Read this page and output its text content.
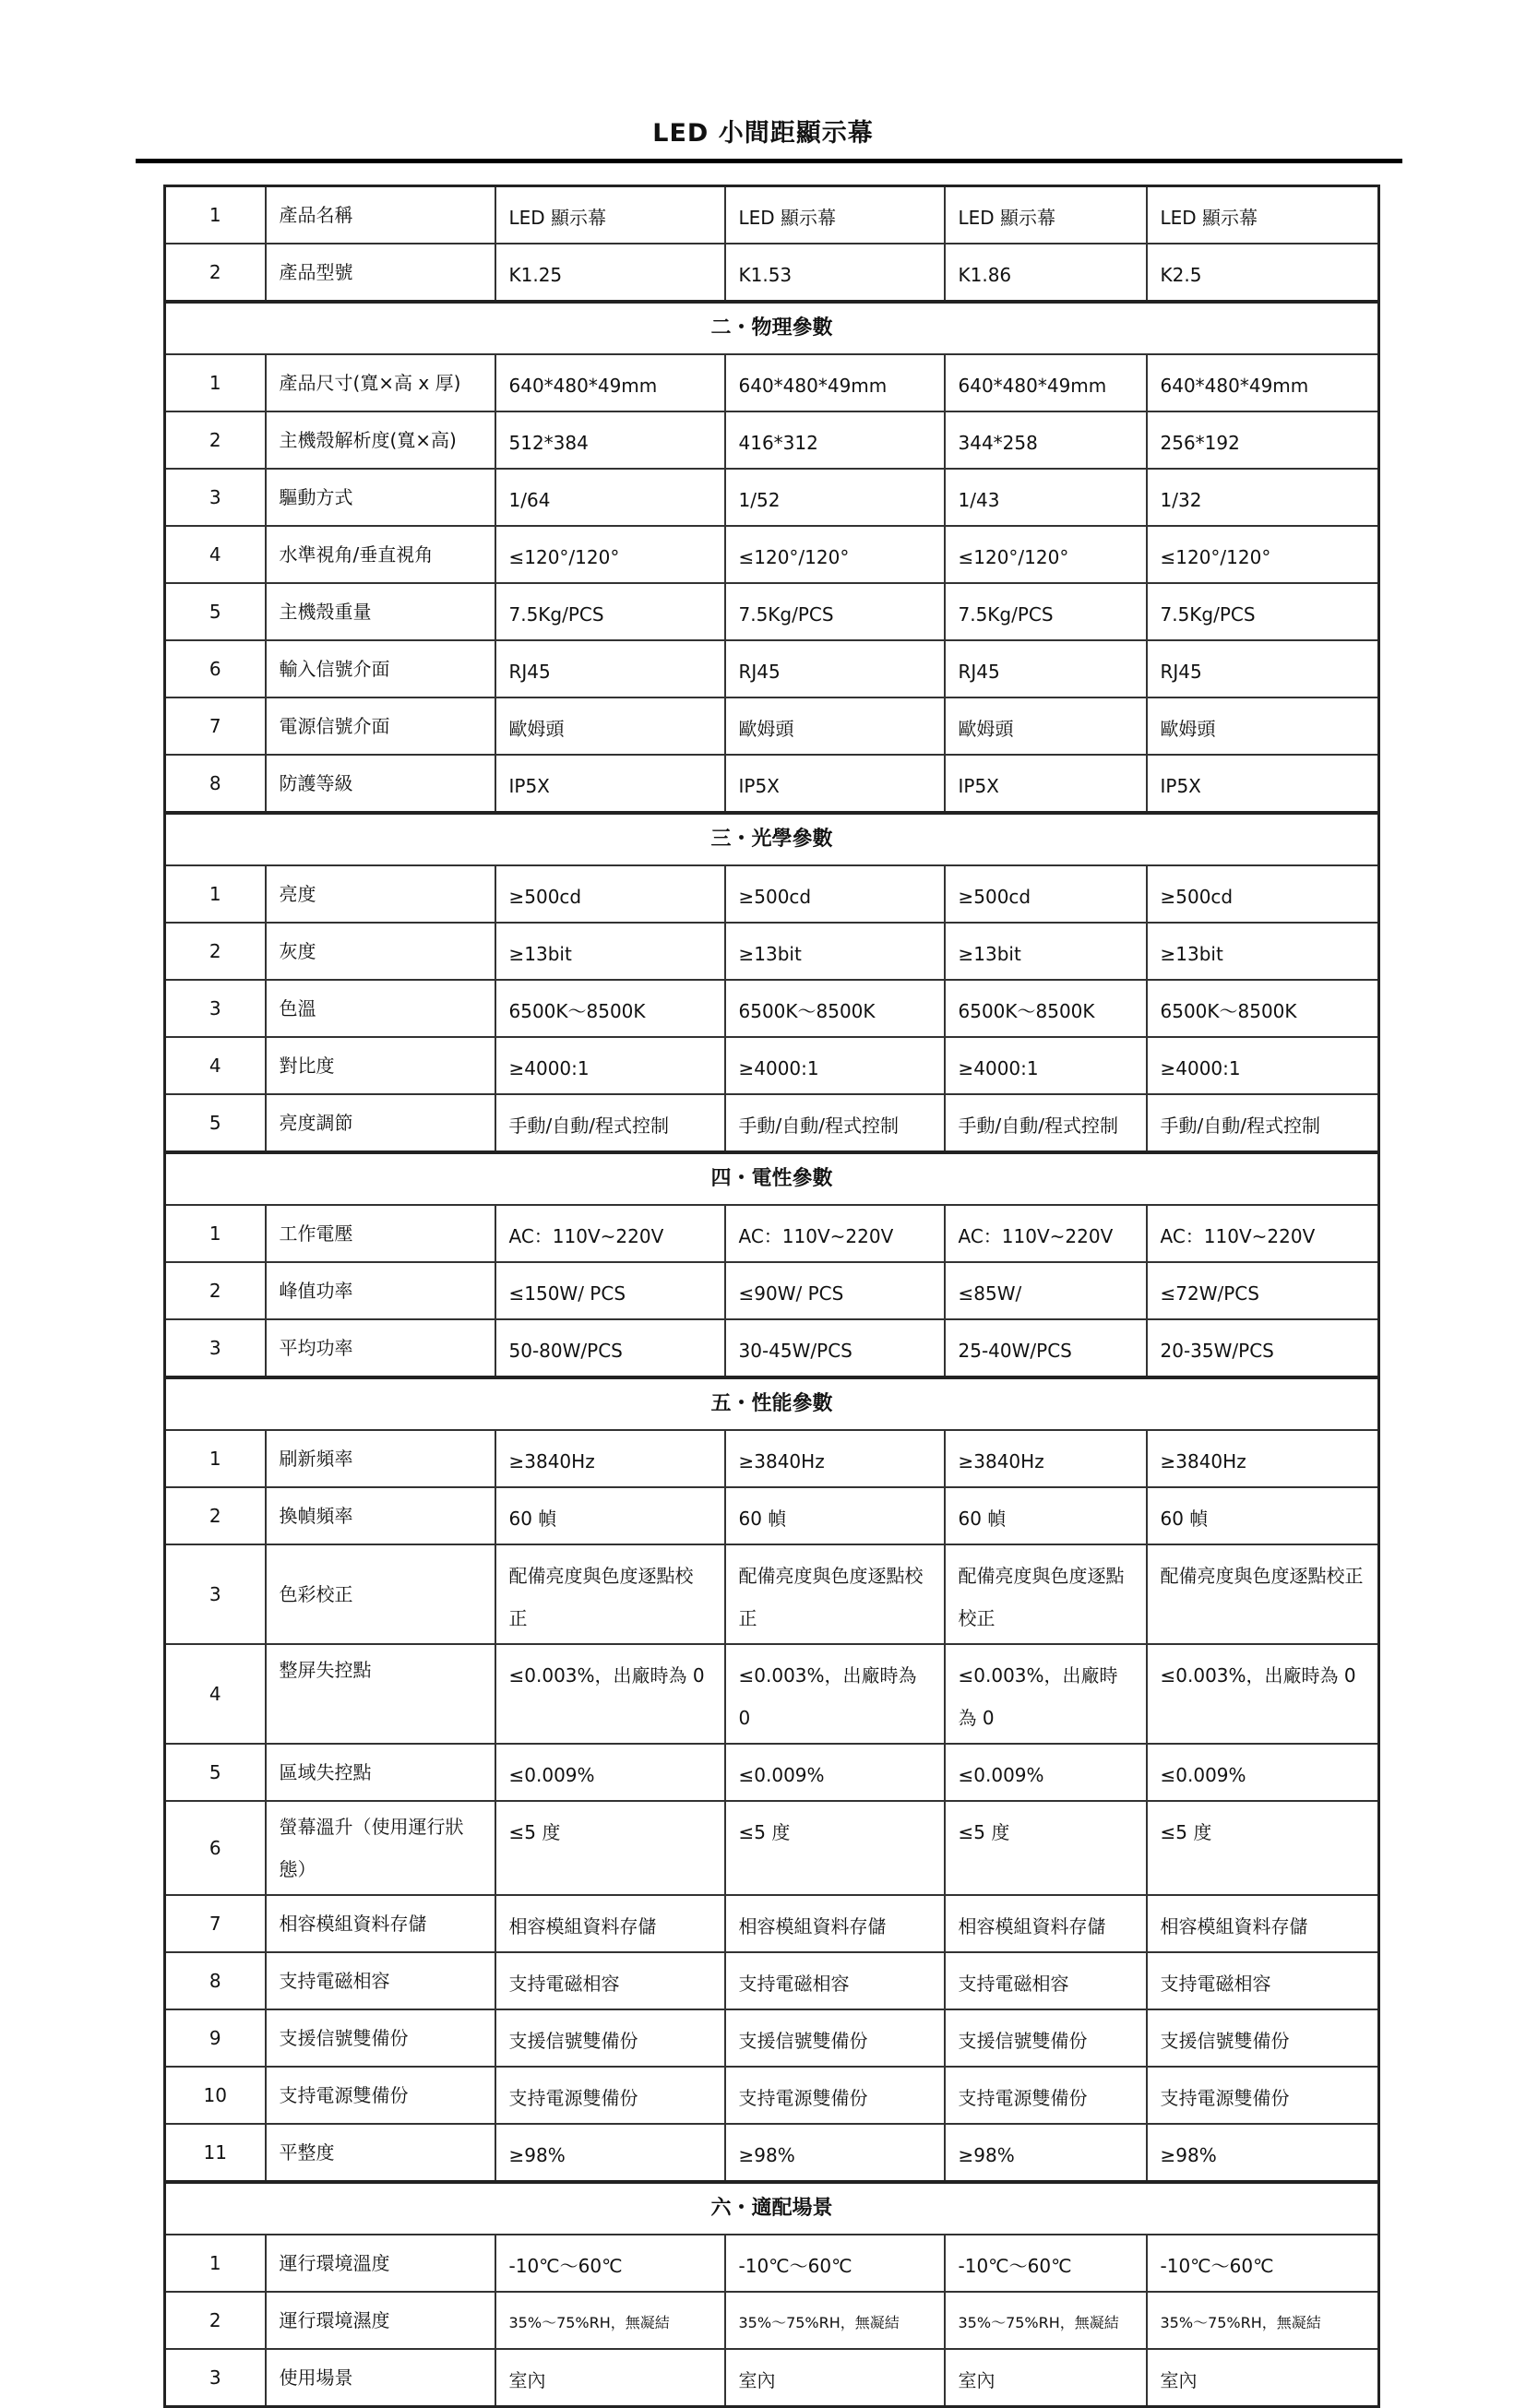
LED 小間距顯示幕
1	產品名稱	LED 顯示幕	LED 顯示幕	LED 顯示幕	LED 顯示幕
2	產品型號	K1.25	K1.53	K1.86	K2.5
二・物理參數					
1	產品尺寸(寬×高 x 厚)	640*480*49mm	640*480*49mm	640*480*49mm	640*480*49mm
2	主機殼解析度(寬×高)	512*384	416*312	344*258	256*192
3	驅動方式	1/64	1/52	1/43	1/32
4	水準視角/垂直視角	≤120°/120°	≤120°/120°	≤120°/120°	≤120°/120°
5	主機殼重量	7.5Kg/PCS	7.5Kg/PCS	7.5Kg/PCS	7.5Kg/PCS
6	輸入信號介面	RJ45	RJ45	RJ45	RJ45
7	電源信號介面	歐姆頭	歐姆頭	歐姆頭	歐姆頭
8	防護等級	IP5X	IP5X	IP5X	IP5X
三・光學參數					
1	亮度	≥500cd	≥500cd	≥500cd	≥500cd
2	灰度	≥13bit	≥13bit	≥13bit	≥13bit
3	色溫	6500K～8500K	6500K～8500K	6500K～8500K	6500K～8500K
4	對比度	≥4000:1	≥4000:1	≥4000:1	≥4000:1
5	亮度調節	手動/自動/程式控制	手動/自動/程式控制	手動/自動/程式控制	手動/自動/程式控制
四・電性參數					
1	工作電壓	AC：110V~220V	AC：110V~220V	AC：110V~220V	AC：110V~220V
2	峰值功率	≤150W/ PCS	≤90W/ PCS	≤85W/	≤72W/PCS
3	平均功率	50-80W/PCS	30-45W/PCS	25-40W/PCS	20-35W/PCS
五・性能參數					
1	刷新頻率	≥3840Hz	≥3840Hz	≥3840Hz	≥3840Hz
2	換幀頻率	60 幀	60 幀	60 幀	60 幀
3	色彩校正	配備亮度與色度逐點校正	配備亮度與色度逐點校正	配備亮度與色度逐點校正	配備亮度與色度逐點校正
4	整屏失控點	≤0.003%，出廠時為 0	≤0.003%，出廠時為 0	≤0.003%，出廠時為 0	≤0.003%，出廠時為 0
5	區域失控點	≤0.009%	≤0.009%	≤0.009%	≤0.009%
6	螢幕溫升（使用運行狀態）	≤5 度	≤5 度	≤5 度	≤5 度
7	相容模組資料存儲	相容模組資料存儲	相容模組資料存儲	相容模組資料存儲	相容模組資料存儲
8	支持電磁相容	支持電磁相容	支持電磁相容	支持電磁相容	支持電磁相容
9	支援信號雙備份	支援信號雙備份	支援信號雙備份	支援信號雙備份	支援信號雙備份
10	支持電源雙備份	支持電源雙備份	支持電源雙備份	支持電源雙備份	支持電源雙備份
11	平整度	≥98%	≥98%	≥98%	≥98%
六・適配場景					
1	運行環境溫度	-10℃～60℃	-10℃～60℃	-10℃～60℃	-10℃～60℃
2	運行環境濕度	35%～75%RH，無凝結	35%～75%RH，無凝結	35%～75%RH，無凝結	35%～75%RH，無凝結
3	使用場景	室內	室內	室內	室內
